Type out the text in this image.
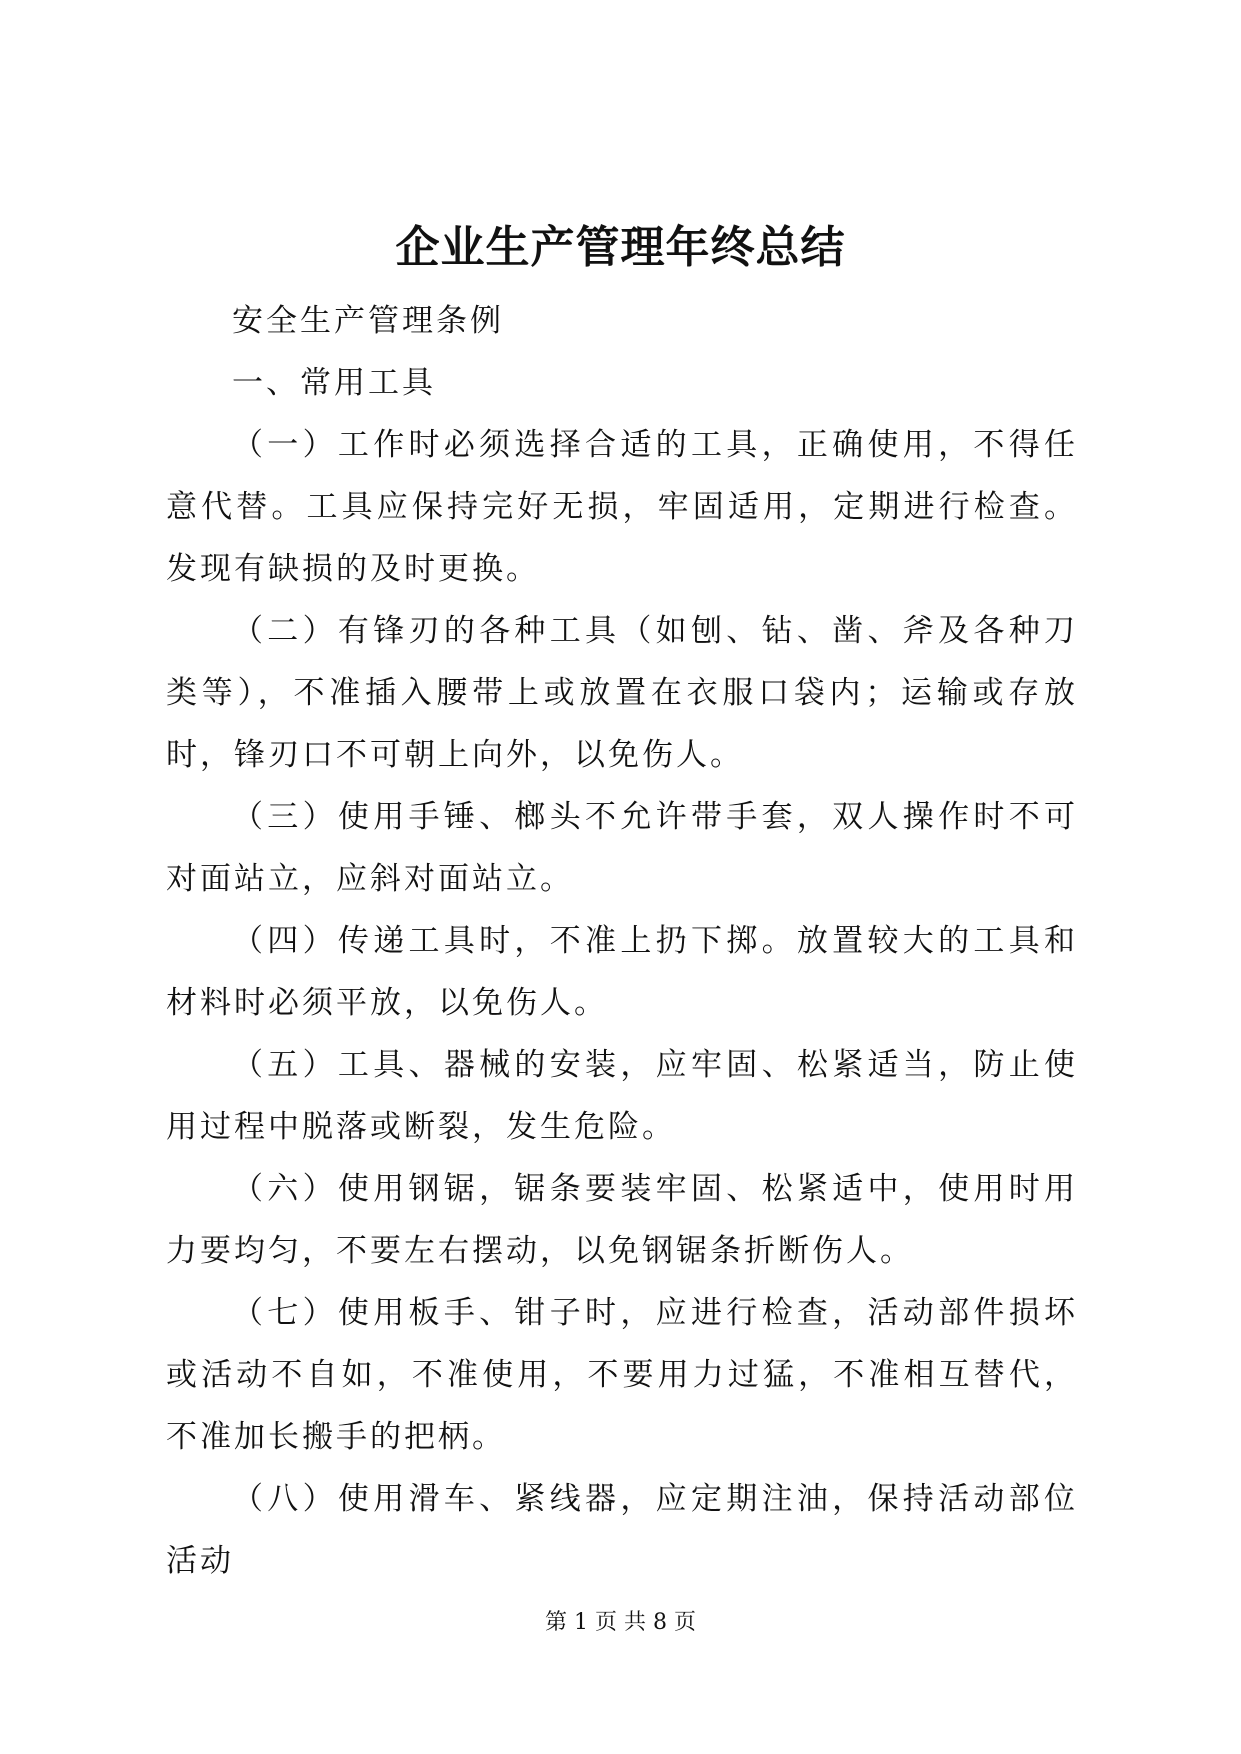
企业生产管理年终总结

安全生产管理条例

一、常用工具

（一）工作时必须选择合适的工具，正确使用，不得任意代替。工具应保持完好无损，牢固适用，定期进行检查。发现有缺损的及时更换。

（二）有锋刃的各种工具（如刨、钻、凿、斧及各种刀类等），不准插入腰带上或放置在衣服口袋内；运输或存放时，锋刃口不可朝上向外，以免伤人。

（三）使用手锤、榔头不允许带手套，双人操作时不可对面站立，应斜对面站立。

（四）传递工具时，不准上扔下掷。放置较大的工具和材料时必须平放，以免伤人。

（五）工具、器械的安装，应牢固、松紧适当，防止使用过程中脱落或断裂，发生危险。

（六）使用钢锯，锯条要装牢固、松紧适中，使用时用力要均匀，不要左右摆动，以免钢锯条折断伤人。

（七）使用板手、钳子时，应进行检查，活动部件损坏或活动不自如，不准使用，不要用力过猛，不准相互替代，不准加长搬手的把柄。

（八）使用滑车、紧线器，应定期注油，保持活动部位活动

第 1 页 共 8 页
